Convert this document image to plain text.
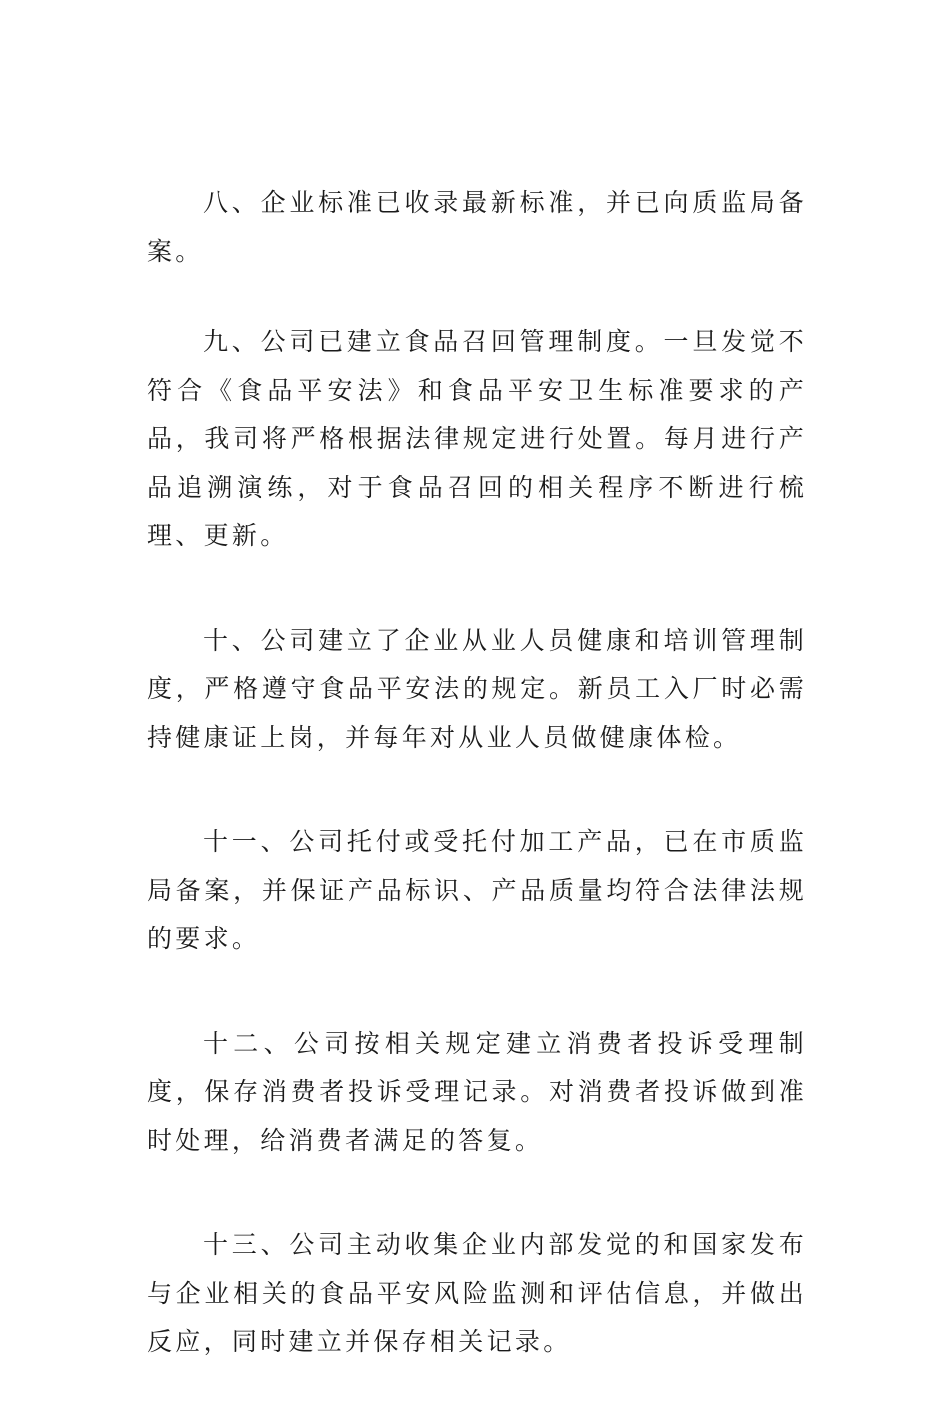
八、企业标准已收录最新标准，并已向质监局备案。

九、公司已建立食品召回管理制度。一旦发觉不符合《食品平安法》和食品平安卫生标准要求的产品，我司将严格根据法律规定进行处置。每月进行产品追溯演练，对于食品召回的相关程序不断进行梳理、更新。

十、公司建立了企业从业人员健康和培训管理制度，严格遵守食品平安法的规定。新员工入厂时必需持健康证上岗，并每年对从业人员做健康体检。

十一、公司托付或受托付加工产品，已在市质监局备案，并保证产品标识、产品质量均符合法律法规的要求。

十二、公司按相关规定建立消费者投诉受理制度，保存消费者投诉受理记录。对消费者投诉做到准时处理，给消费者满足的答复。

十三、公司主动收集企业内部发觉的和国家发布与企业相关的食品平安风险监测和评估信息，并做出反应，同时建立并保存相关记录。
